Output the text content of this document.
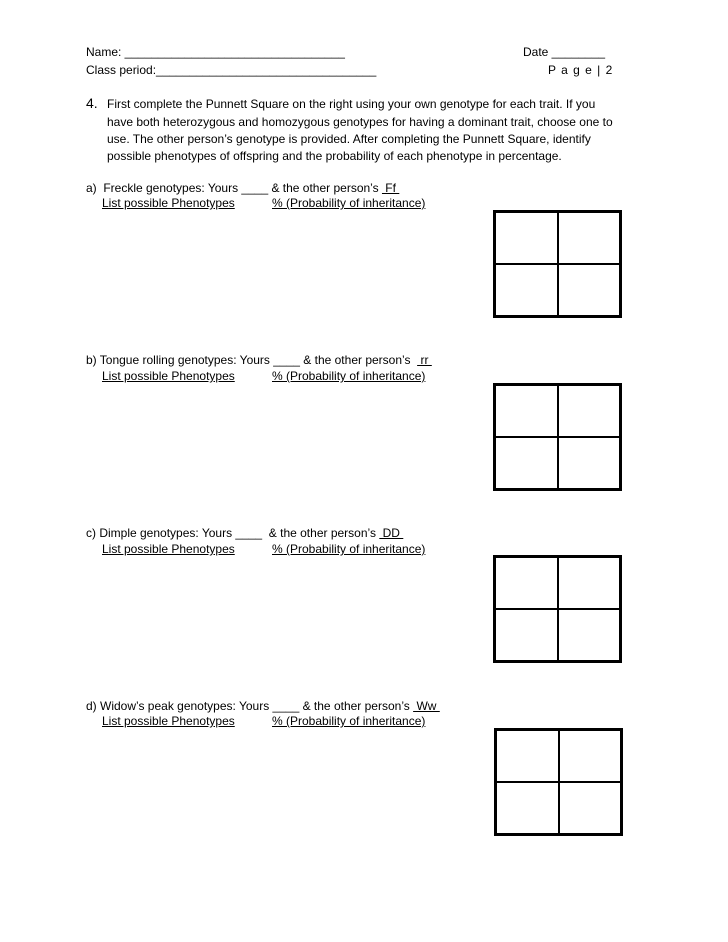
Name: _________________________________	Date ________
Class period:_________________________________	P a g e | 2
4. First complete the Punnett Square on the right using your own genotype for each trait. If you
have both heterozygous and homozygous genotypes for having a dominant trait, choose one to
use. The other person’s genotype is provided. After completing the Punnett Square, identify
possible phenotypes of offspring and the probability of each phenotype in percentage.
a)  Freckle genotypes: Yours ____ & the other person’s  Ff
List possible Phenotypes	% (Probability of inheritance)
b) Tongue rolling genotypes: Yours ____ & the other person’s   rr
List possible Phenotypes	% (Probability of inheritance)
c) Dimple genotypes: Yours ____  & the other person’s  DD
List possible Phenotypes	% (Probability of inheritance)
d) Widow’s peak genotypes: Yours ____ & the other person’s  Ww
List possible Phenotypes	% (Probability of inheritance)
